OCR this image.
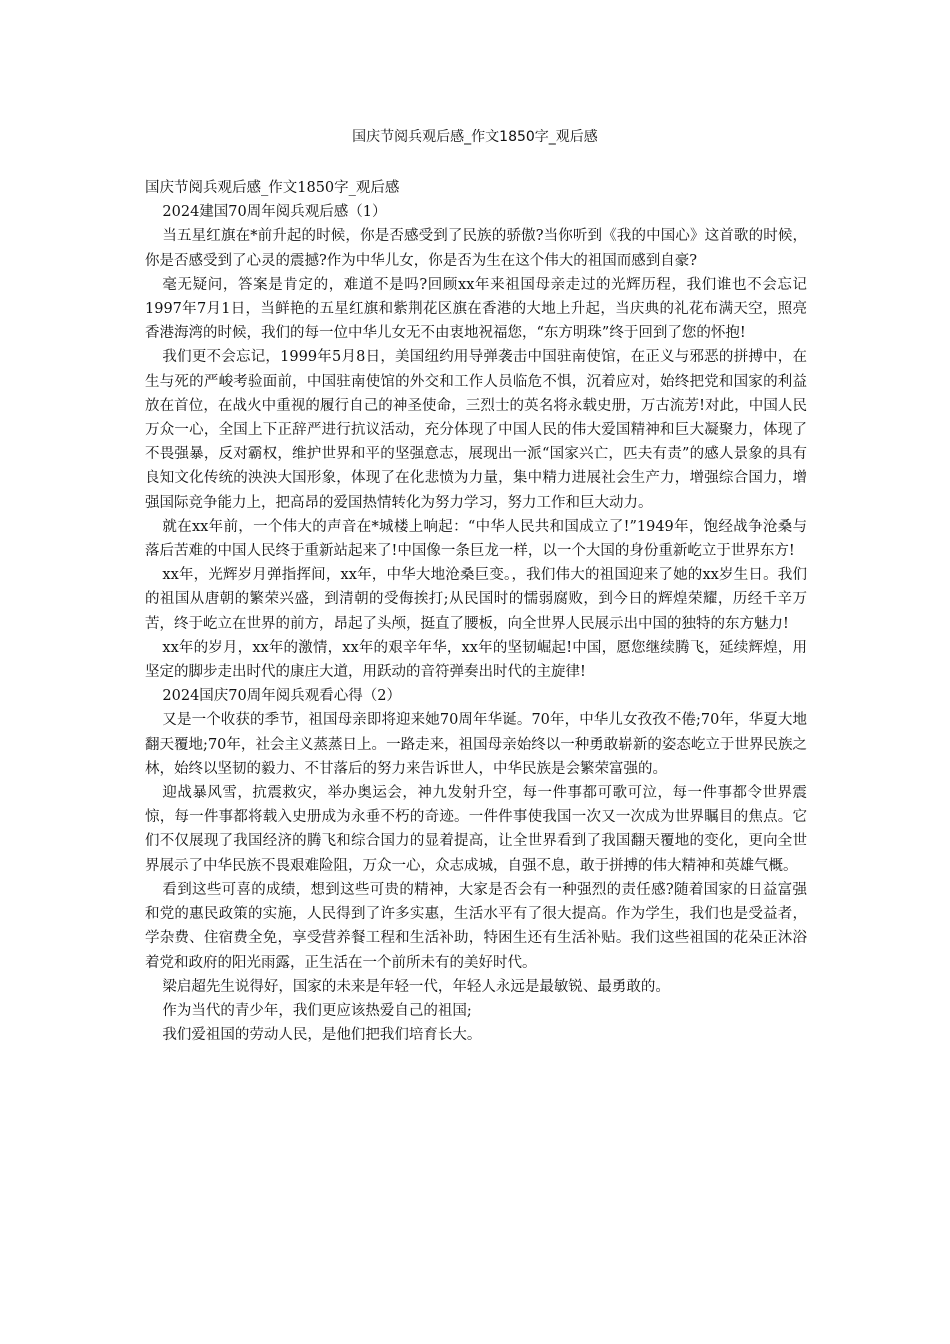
国庆节阅兵观后感_作文1850字_观后感

国庆节阅兵观后感_作文1850字_观后感

2024建国70周年阅兵观后感（1）

当五星红旗在*前升起的时候，你是否感受到了民族的骄傲?当你听到《我的中国心》这首歌的时候，你是否感受到了心灵的震撼?作为中华儿女，你是否为生在这个伟大的祖国而感到自豪?

毫无疑问，答案是肯定的，难道不是吗?回顾xx年来祖国母亲走过的光辉历程，我们谁也不会忘记1997年7月1日，当鲜艳的五星红旗和紫荆花区旗在香港的大地上升起，当庆典的礼花布满天空，照亮香港海湾的时候，我们的每一位中华儿女无不由衷地祝福您，“东方明珠”终于回到了您的怀抱!

我们更不会忘记，1999年5月8日，美国纽约用导弹袭击中国驻南使馆，在正义与邪恶的拼搏中，在生与死的严峻考验面前，中国驻南使馆的外交和工作人员临危不惧，沉着应对，始终把党和国家的利益放在首位，在战火中重视的履行自己的神圣使命，三烈士的英名将永载史册，万古流芳!对此，中国人民万众一心，全国上下正辞严进行抗议活动，充分体现了中国人民的伟大爱国精神和巨大凝聚力，体现了不畏强暴，反对霸权，维护世界和平的坚强意志，展现出一派“国家兴亡，匹夫有责”的感人景象的具有良知文化传统的泱泱大国形象，体现了在化悲愤为力量，集中精力进展社会生产力，增强综合国力，增强国际竞争能力上，把高昂的爱国热情转化为努力学习，努力工作和巨大动力。

就在xx年前，一个伟大的声音在*城楼上响起：“中华人民共和国成立了!”1949年，饱经战争沧桑与落后苦难的中国人民终于重新站起来了!中国像一条巨龙一样，以一个大国的身份重新屹立于世界东方!

xx年，光辉岁月弹指挥间，xx年，中华大地沧桑巨变。，我们伟大的祖国迎来了她的xx岁生日。我们的祖国从唐朝的繁荣兴盛，到清朝的受侮挨打;从民国时的懦弱腐败，到今日的辉煌荣耀，历经千辛万苦，终于屹立在世界的前方，昂起了头颅，挺直了腰板，向全世界人民展示出中国的独特的东方魅力!

xx年的岁月，xx年的激情，xx年的艰辛年华，xx年的坚韧崛起!中国，愿您继续腾飞，延续辉煌，用坚定的脚步走出时代的康庄大道，用跃动的音符弹奏出时代的主旋律!

2024国庆70周年阅兵观看心得（2）

又是一个收获的季节，祖国母亲即将迎来她70周年华诞。70年，中华儿女孜孜不倦;70年，华夏大地翻天覆地;70年，社会主义蒸蒸日上。一路走来，祖国母亲始终以一种勇敢崭新的姿态屹立于世界民族之林，始终以坚韧的毅力、不甘落后的努力来告诉世人，中华民族是会繁荣富强的。

迎战暴风雪，抗震救灾，举办奥运会，神九发射升空，每一件事都可歌可泣，每一件事都令世界震惊，每一件事都将载入史册成为永垂不朽的奇迹。一件件事使我国一次又一次成为世界瞩目的焦点。它们不仅展现了我国经济的腾飞和综合国力的显着提高，让全世界看到了我国翻天覆地的变化，更向全世界展示了中华民族不畏艰难险阻，万众一心，众志成城，自强不息，敢于拼搏的伟大精神和英雄气概。

看到这些可喜的成绩，想到这些可贵的精神，大家是否会有一种强烈的责任感?随着国家的日益富强和党的惠民政策的实施，人民得到了许多实惠，生活水平有了很大提高。作为学生，我们也是受益者，学杂费、住宿费全免，享受营养餐工程和生活补助，特困生还有生活补贴。我们这些祖国的花朵正沐浴着党和政府的阳光雨露，正生活在一个前所未有的美好时代。

梁启超先生说得好，国家的未来是年轻一代，年轻人永远是最敏锐、最勇敢的。

作为当代的青少年，我们更应该热爱自己的祖国;

我们爱祖国的劳动人民，是他们把我们培育长大。
